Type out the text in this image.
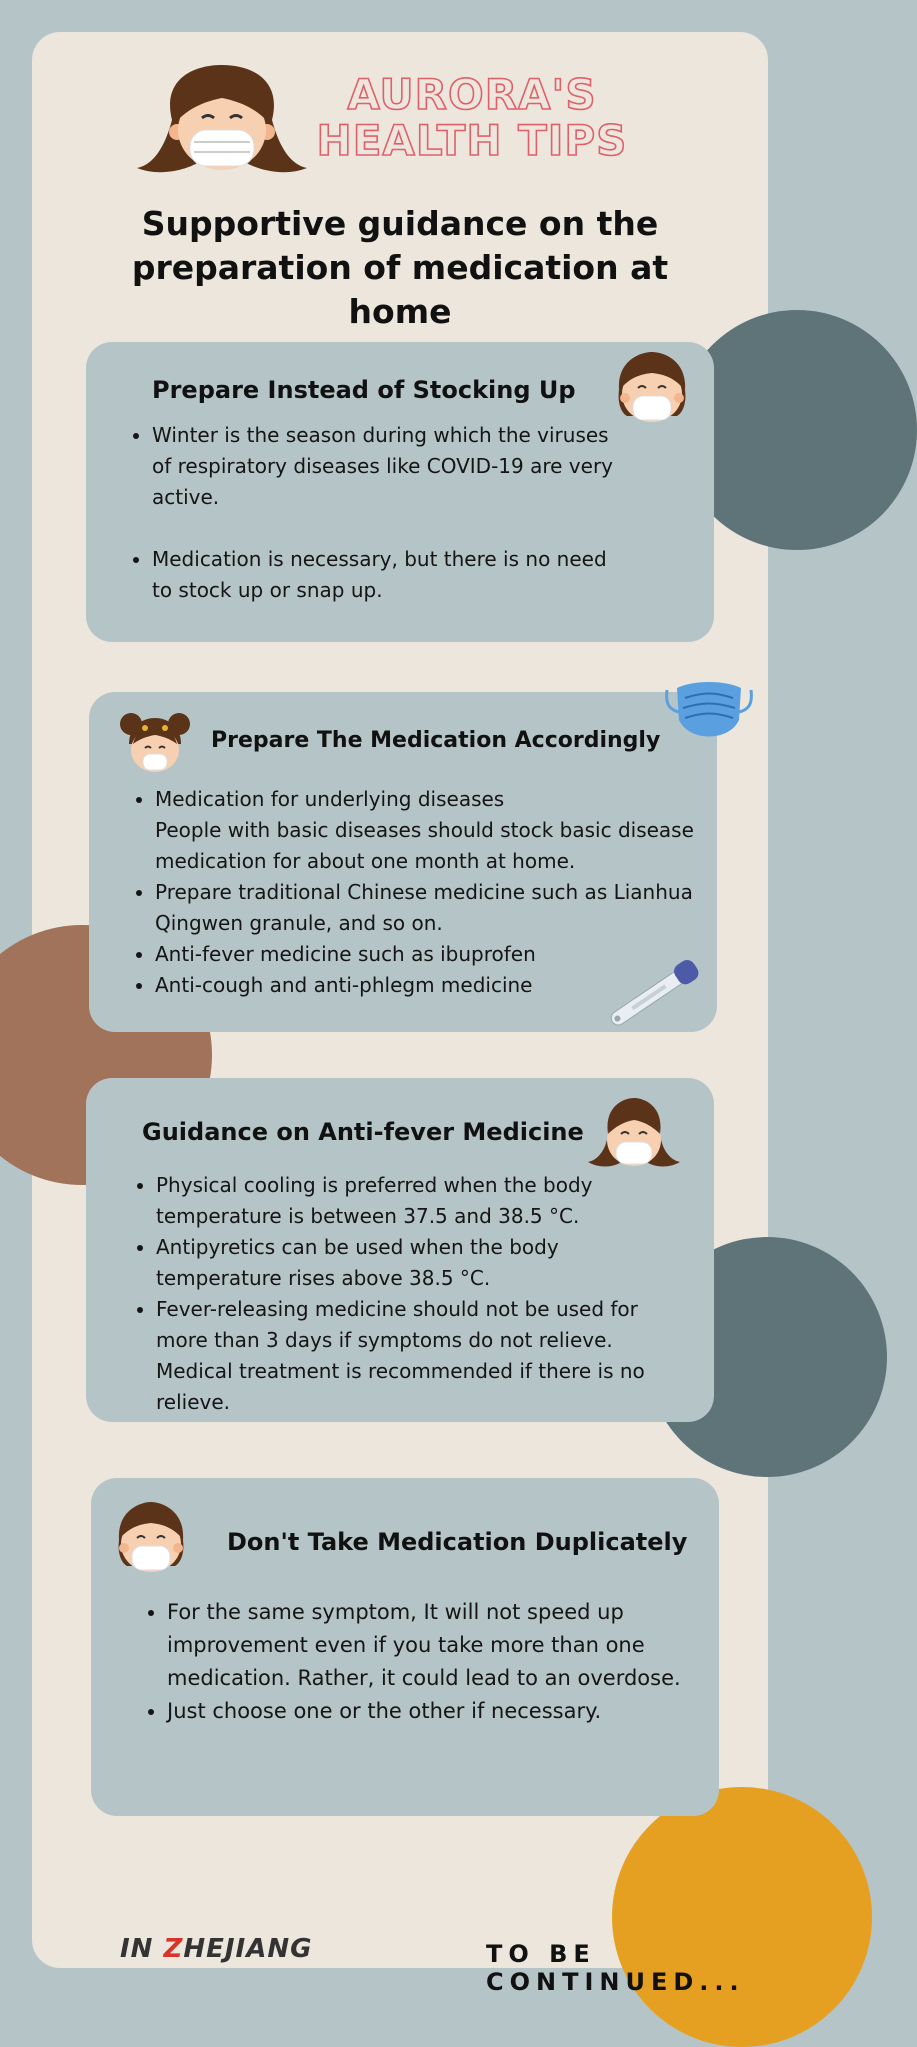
AURORA'S
HEALTH TIPS
Supportive guidance on the
preparation of medication at home
Prepare Instead of Stocking Up
• Winter is the season during which the viruses of respiratory diseases like COVID-19 are very active.
• Medication is necessary, but there is no need to stock up or snap up.
Prepare The Medication Accordingly
• Medication for underlying diseases
People with basic diseases should stock basic disease medication for about one month at home.
• Prepare traditional Chinese medicine such as Lianhua Qingwen granule, and so on.
• Anti-fever medicine such as ibuprofen
• Anti-cough and anti-phlegm medicine
Guidance on Anti-fever Medicine
• Physical cooling is preferred when the body temperature is between 37.5 and 38.5 °C.
• Antipyretics can be used when the body temperature rises above 38.5 °C.
• Fever-releasing medicine should not be used for more than 3 days if symptoms do not relieve. Medical treatment is recommended if there is no relieve.
Don't Take Medication Duplicately
• For the same symptom, It will not speed up improvement even if you take more than one medication. Rather, it could lead to an overdose.
• Just choose one or the other if necessary.
IN ZHEJIANG	TO BE CONTINUED...
